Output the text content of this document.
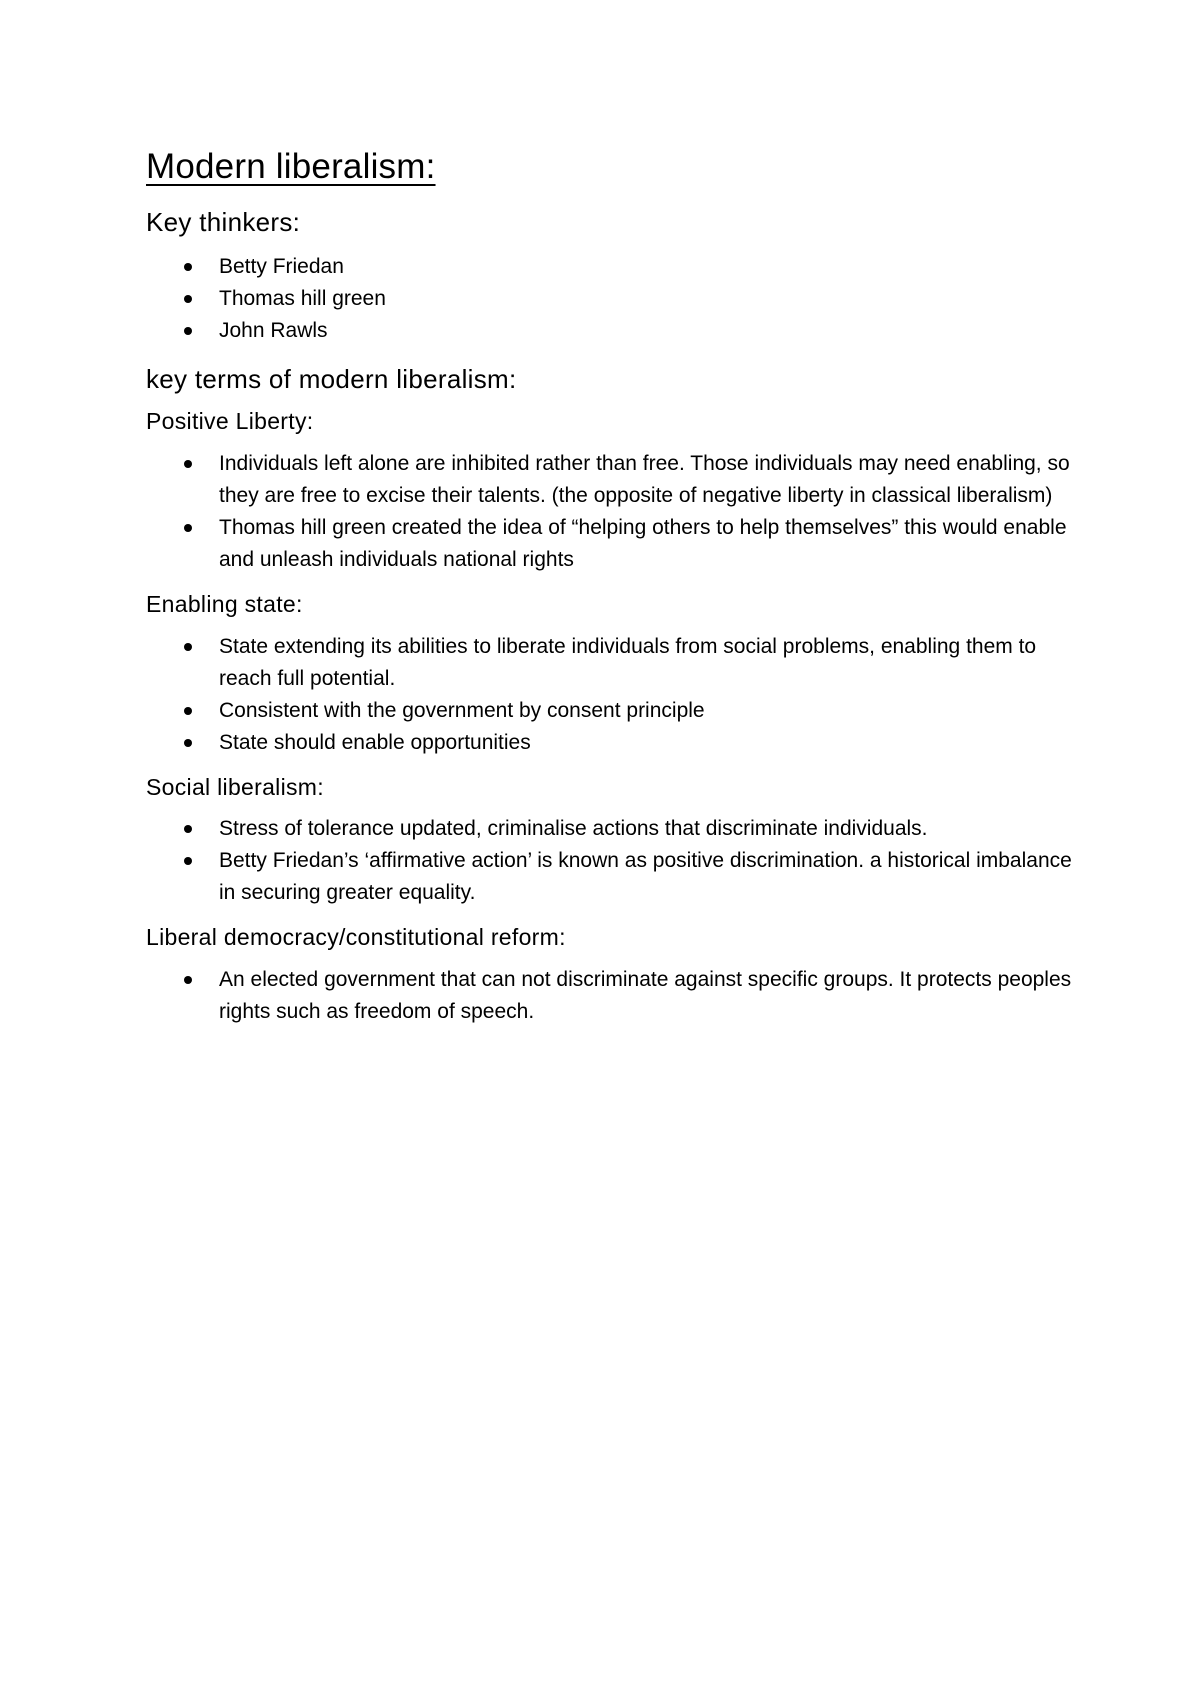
Modern liberalism:
Key thinkers:
Betty Friedan
Thomas hill green
John Rawls
key terms of modern liberalism:
Positive Liberty:
Individuals left alone are inhibited rather than free. Those individuals may need enabling, so they are free to excise their talents. (the opposite of negative liberty in classical liberalism)
Thomas hill green created the idea of “helping others to help themselves” this would enable and unleash individuals national rights
Enabling state:
State extending its abilities to liberate individuals from social problems, enabling them to reach full potential.
Consistent with the government by consent principle
State should enable opportunities
Social liberalism:
Stress of tolerance updated, criminalise actions that discriminate individuals.
Betty Friedan’s ‘affirmative action’ is known as positive discrimination. a historical imbalance in securing greater equality.
Liberal democracy/constitutional reform:
An elected government that can not discriminate against specific groups. It protects peoples rights such as freedom of speech.
